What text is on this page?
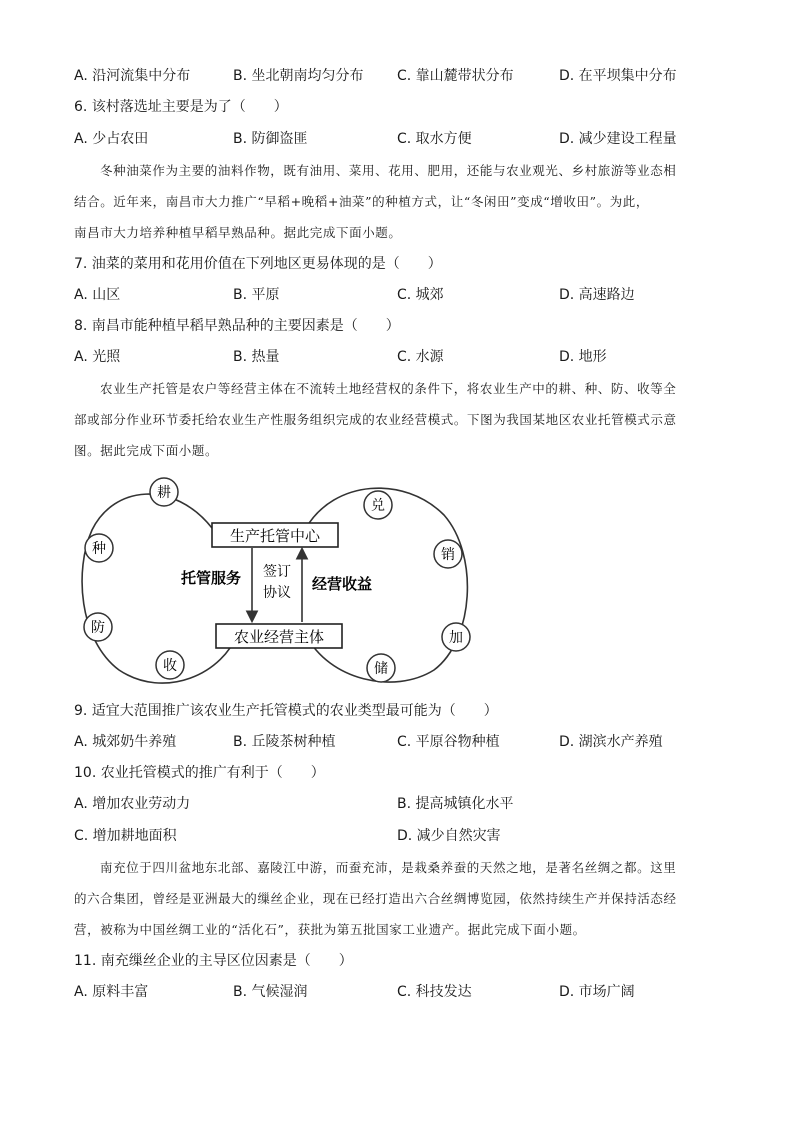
A. 沿河流集中分布	B. 坐北朝南均匀分布 C. 靠山麓带状分布	D. 在平坝集中分布
6. 该村落选址主要是为了（　　）
A. 少占农田	B. 防御盗匪	C. 取水方便	D. 减少建设工程量
冬种油菜作为主要的油料作物，既有油用、菜用、花用、肥用，还能与农业观光、乡村旅游等业态相
结合。近年来，南昌市大力推广“早稻+晚稻+油菜”的种植方式，让“冬闲田”变成“增收田”。为此，
南昌市大力培养种植早稻早熟品种。据此完成下面小题。
7. 油菜的菜用和花用价值在下列地区更易体现的是（　　）
A. 山区	B. 平原	C. 城郊	D. 高速路边
8. 南昌市能种植早稻早熟品种的主要因素是（　　）
A. 光照	B. 热量	C. 水源	D. 地形
农业生产托管是农户等经营主体在不流转土地经营权的条件下，将农业生产中的耕、种、防、收等全
部或部分作业环节委托给农业生产性服务组织完成的农业经营模式。下图为我国某地区农业托管模式示意
图。据此完成下面小题。
生产托管中心
农业经营主体
托管服务 签订
协议 经营收益
耕
种
防
收
兑
销
加
储
9. 适宜大范围推广该农业生产托管模式的农业类型最可能为（　　）
A. 城郊奶牛养殖	B. 丘陵茶树种植	C. 平原谷物种植	D. 湖滨水产养殖
10. 农业托管模式的推广有利于（　　）
A. 增加农业劳动力	B. 提高城镇化水平
C. 增加耕地面积	D. 减少自然灾害
南充位于四川盆地东北部、嘉陵江中游，而蚕充沛，是栽桑养蚕的天然之地，是著名丝绸之都。这里
的六合集团，曾经是亚洲最大的缫丝企业，现在已经打造出六合丝绸博览园，依然持续生产并保持活态经
营，被称为中国丝绸工业的“活化石”，获批为第五批国家工业遗产。据此完成下面小题。
11. 南充缫丝企业的主导区位因素是（　　）
A. 原料丰富	B. 气候湿润	C. 科技发达	D. 市场广阔
